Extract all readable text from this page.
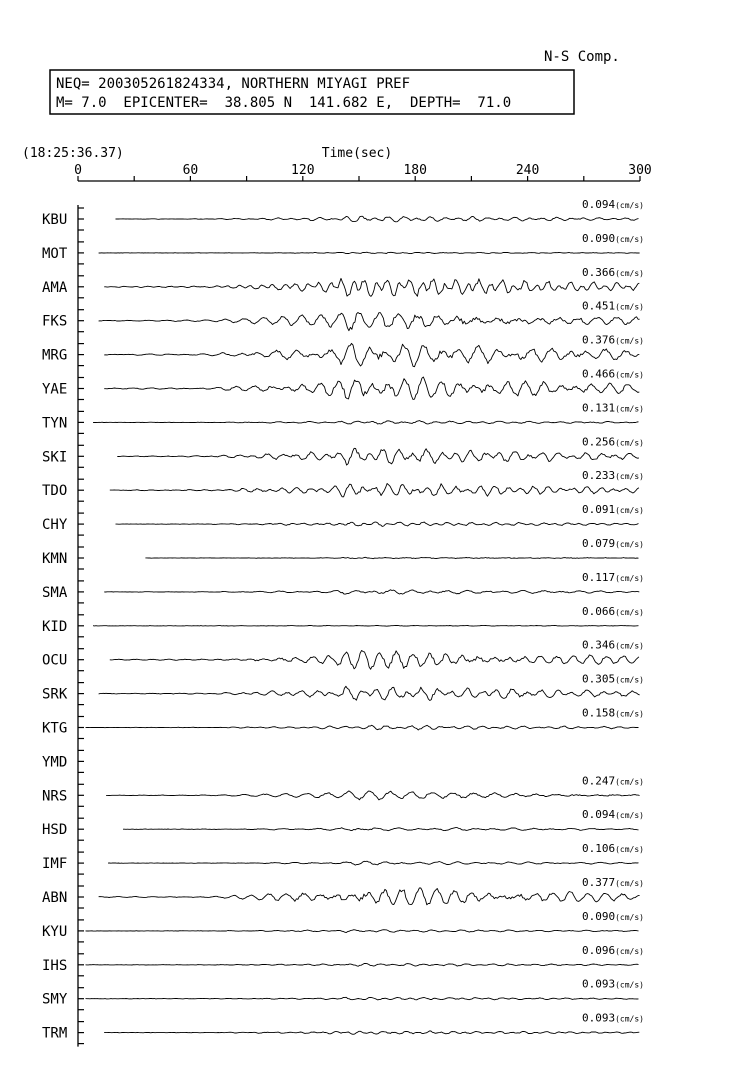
N-S Comp.
NEQ= 200305261824334, NORTHERN MIYAGI PREF
M= 7.0  EPICENTER=  38.805 N  141.682 E,  DEPTH=  71.0
(18:25:36.37)	Time(sec)
0	60	120	180	240	300
KBU
0.094(cm/s)
MOT
0.090(cm/s)
AMA
0.366(cm/s)
FKS
0.451(cm/s)
MRG
0.376(cm/s)
YAE
0.466(cm/s)
TYN
0.131(cm/s)
SKI
0.256(cm/s)
TDO
0.233(cm/s)
CHY
0.091(cm/s)
KMN
0.079(cm/s)
SMA
0.117(cm/s)
KID
0.066(cm/s)
OCU
0.346(cm/s)
SRK
0.305(cm/s)
KTG
0.158(cm/s)
YMD
NRS
0.247(cm/s)
HSD
0.094(cm/s)
IMF
0.106(cm/s)
ABN
0.377(cm/s)
KYU
0.090(cm/s)
IHS
0.096(cm/s)
SMY
0.093(cm/s)
TRM
0.093(cm/s)
